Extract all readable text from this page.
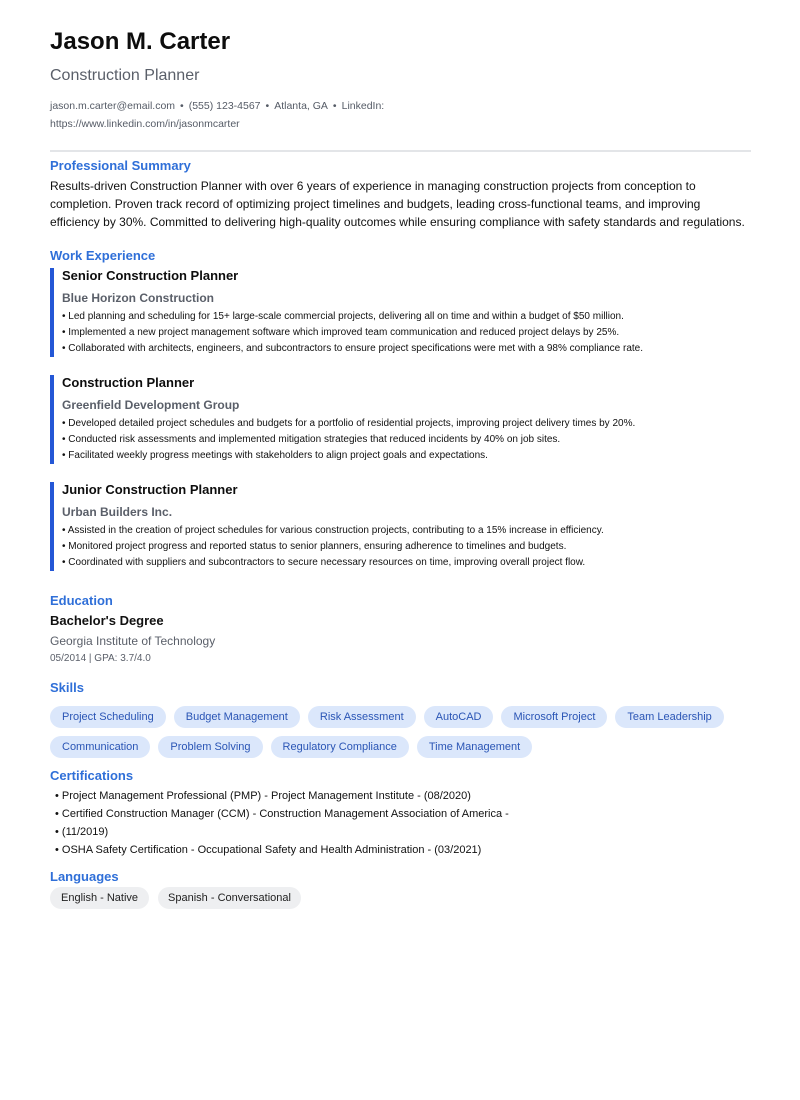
Jason M. Carter
Construction Planner
jason.m.carter@email.com • (555) 123-4567 • Atlanta, GA • LinkedIn:
https://www.linkedin.com/in/jasonmcarter
Professional Summary
Results-driven Construction Planner with over 6 years of experience in managing construction projects from conception to completion. Proven track record of optimizing project timelines and budgets, leading cross-functional teams, and improving efficiency by 30%. Committed to delivering high-quality outcomes while ensuring compliance with safety standards and regulations.
Work Experience
Senior Construction Planner
Blue Horizon Construction
• Led planning and scheduling for 15+ large-scale commercial projects, delivering all on time and within a budget of $50 million.
• Implemented a new project management software which improved team communication and reduced project delays by 25%.
• Collaborated with architects, engineers, and subcontractors to ensure project specifications were met with a 98% compliance rate.
Construction Planner
Greenfield Development Group
• Developed detailed project schedules and budgets for a portfolio of residential projects, improving project delivery times by 20%.
• Conducted risk assessments and implemented mitigation strategies that reduced incidents by 40% on job sites.
• Facilitated weekly progress meetings with stakeholders to align project goals and expectations.
Junior Construction Planner
Urban Builders Inc.
• Assisted in the creation of project schedules for various construction projects, contributing to a 15% increase in efficiency.
• Monitored project progress and reported status to senior planners, ensuring adherence to timelines and budgets.
• Coordinated with suppliers and subcontractors to secure necessary resources on time, improving overall project flow.
Education
Bachelor's Degree
Georgia Institute of Technology
05/2014 | GPA: 3.7/4.0
Skills
Project Scheduling	Budget Management	Risk Assessment	AutoCAD	Microsoft Project	Team Leadership
Communication	Problem Solving	Regulatory Compliance	Time Management
Certifications
• Project Management Professional (PMP) - Project Management Institute - (08/2020)
• Certified Construction Manager (CCM) - Construction Management Association of America -
• (11/2019)
• OSHA Safety Certification - Occupational Safety and Health Administration - (03/2021)
Languages
English - Native	Spanish - Conversational
